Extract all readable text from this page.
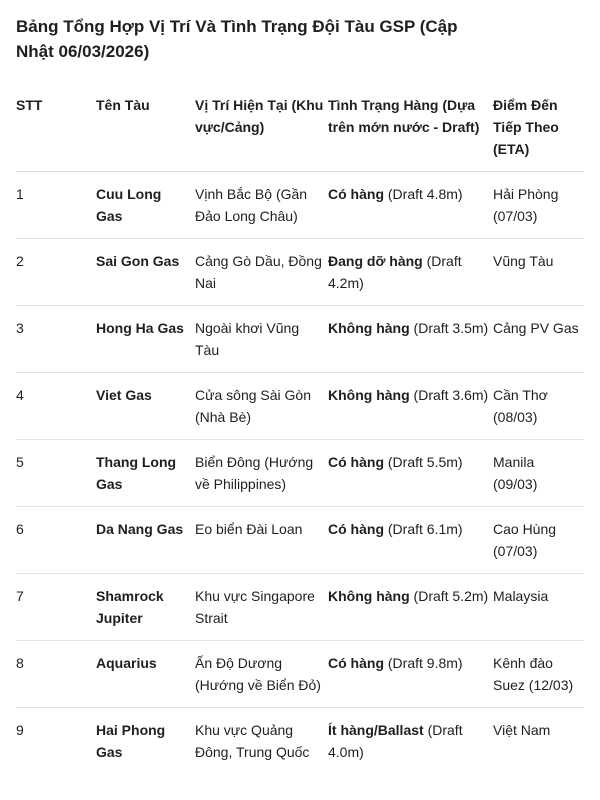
Bảng Tổng Hợp Vị Trí Và Tình Trạng Đội Tàu GSP (Cập Nhật 06/03/2026)
STT	Tên Tàu	Vị Trí Hiện Tại (Khu vực/Cảng)	Tình Trạng Hàng (Dựa trên mớn nước - Draft)	Điểm Đến Tiếp Theo (ETA)
1	Cuu Long Gas	Vịnh Bắc Bộ (Gần Đảo Long Châu)	Có hàng (Draft 4.8m)	Hải Phòng (07/03)
2	Sai Gon Gas	Cảng Gò Dầu, Đồng Nai	Đang dỡ hàng (Draft 4.2m)	Vũng Tàu
3	Hong Ha Gas	Ngoài khơi Vũng Tàu	Không hàng (Draft 3.5m)	Cảng PV Gas
4	Viet Gas	Cửa sông Sài Gòn (Nhà Bè)	Không hàng (Draft 3.6m)	Cần Thơ (08/03)
5	Thang Long Gas	Biển Đông (Hướng về Philippines)	Có hàng (Draft 5.5m)	Manila (09/03)
6	Da Nang Gas	Eo biển Đài Loan	Có hàng (Draft 6.1m)	Cao Hùng (07/03)
7	Shamrock Jupiter	Khu vực Singapore Strait	Không hàng (Draft 5.2m)	Malaysia
8	Aquarius	Ấn Độ Dương (Hướng về Biển Đỏ)	Có hàng (Draft 9.8m)	Kênh đào Suez (12/03)
9	Hai Phong Gas	Khu vực Quảng Đông, Trung Quốc	Ít hàng/Ballast (Draft 4.0m)	Việt Nam
